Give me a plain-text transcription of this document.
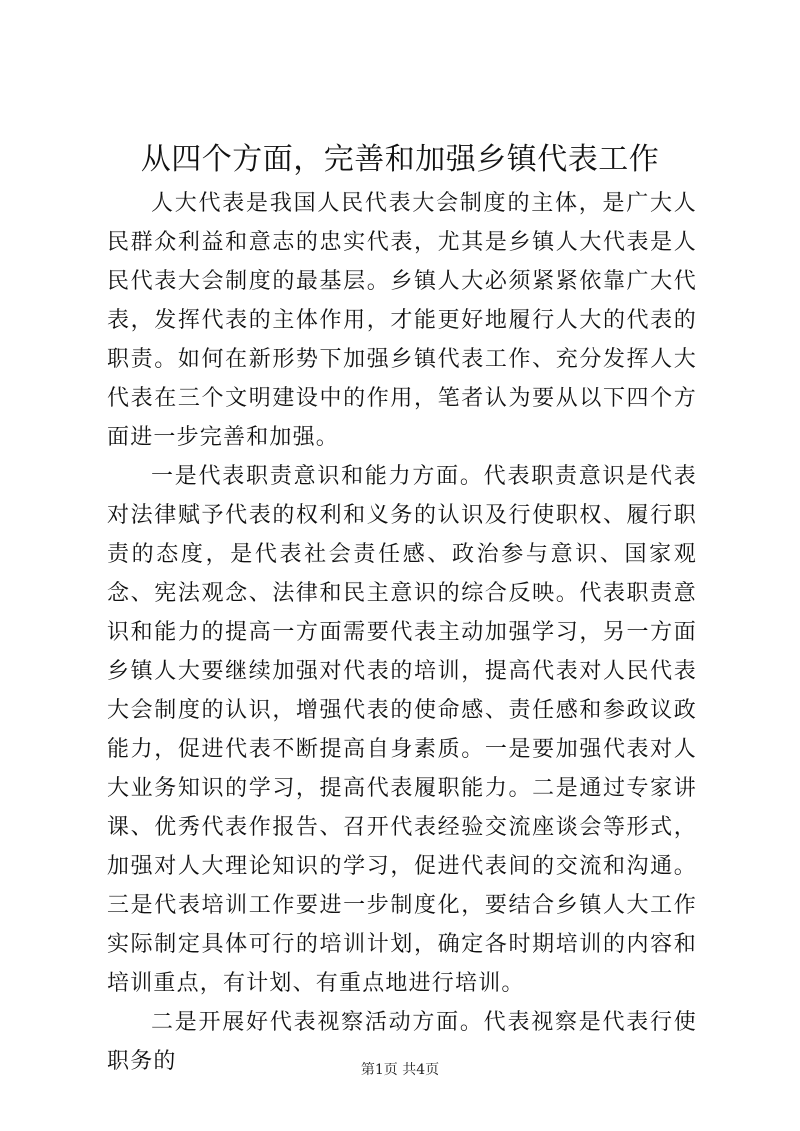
从四个方面，完善和加强乡镇代表工作

人大代表是我国人民代表大会制度的主体，是广大人民群众利益和意志的忠实代表，尤其是乡镇人大代表是人民代表大会制度的最基层。乡镇人大必须紧紧依靠广大代表，发挥代表的主体作用，才能更好地履行人大的代表的职责。如何在新形势下加强乡镇代表工作、充分发挥人大代表在三个文明建设中的作用，笔者认为要从以下四个方面进一步完善和加强。

一是代表职责意识和能力方面。代表职责意识是代表对法律赋予代表的权利和义务的认识及行使职权、履行职责的态度，是代表社会责任感、政治参与意识、国家观念、宪法观念、法律和民主意识的综合反映。代表职责意识和能力的提高一方面需要代表主动加强学习，另一方面乡镇人大要继续加强对代表的培训，提高代表对人民代表大会制度的认识，增强代表的使命感、责任感和参政议政能力，促进代表不断提高自身素质。一是要加强代表对人大业务知识的学习，提高代表履职能力。二是通过专家讲课、优秀代表作报告、召开代表经验交流座谈会等形式，加强对人大理论知识的学习，促进代表间的交流和沟通。三是代表培训工作要进一步制度化，要结合乡镇人大工作实际制定具体可行的培训计划，确定各时期培训的内容和培训重点，有计划、有重点地进行培训。

二是开展好代表视察活动方面。代表视察是代表行使职务的	第1页 共4页
